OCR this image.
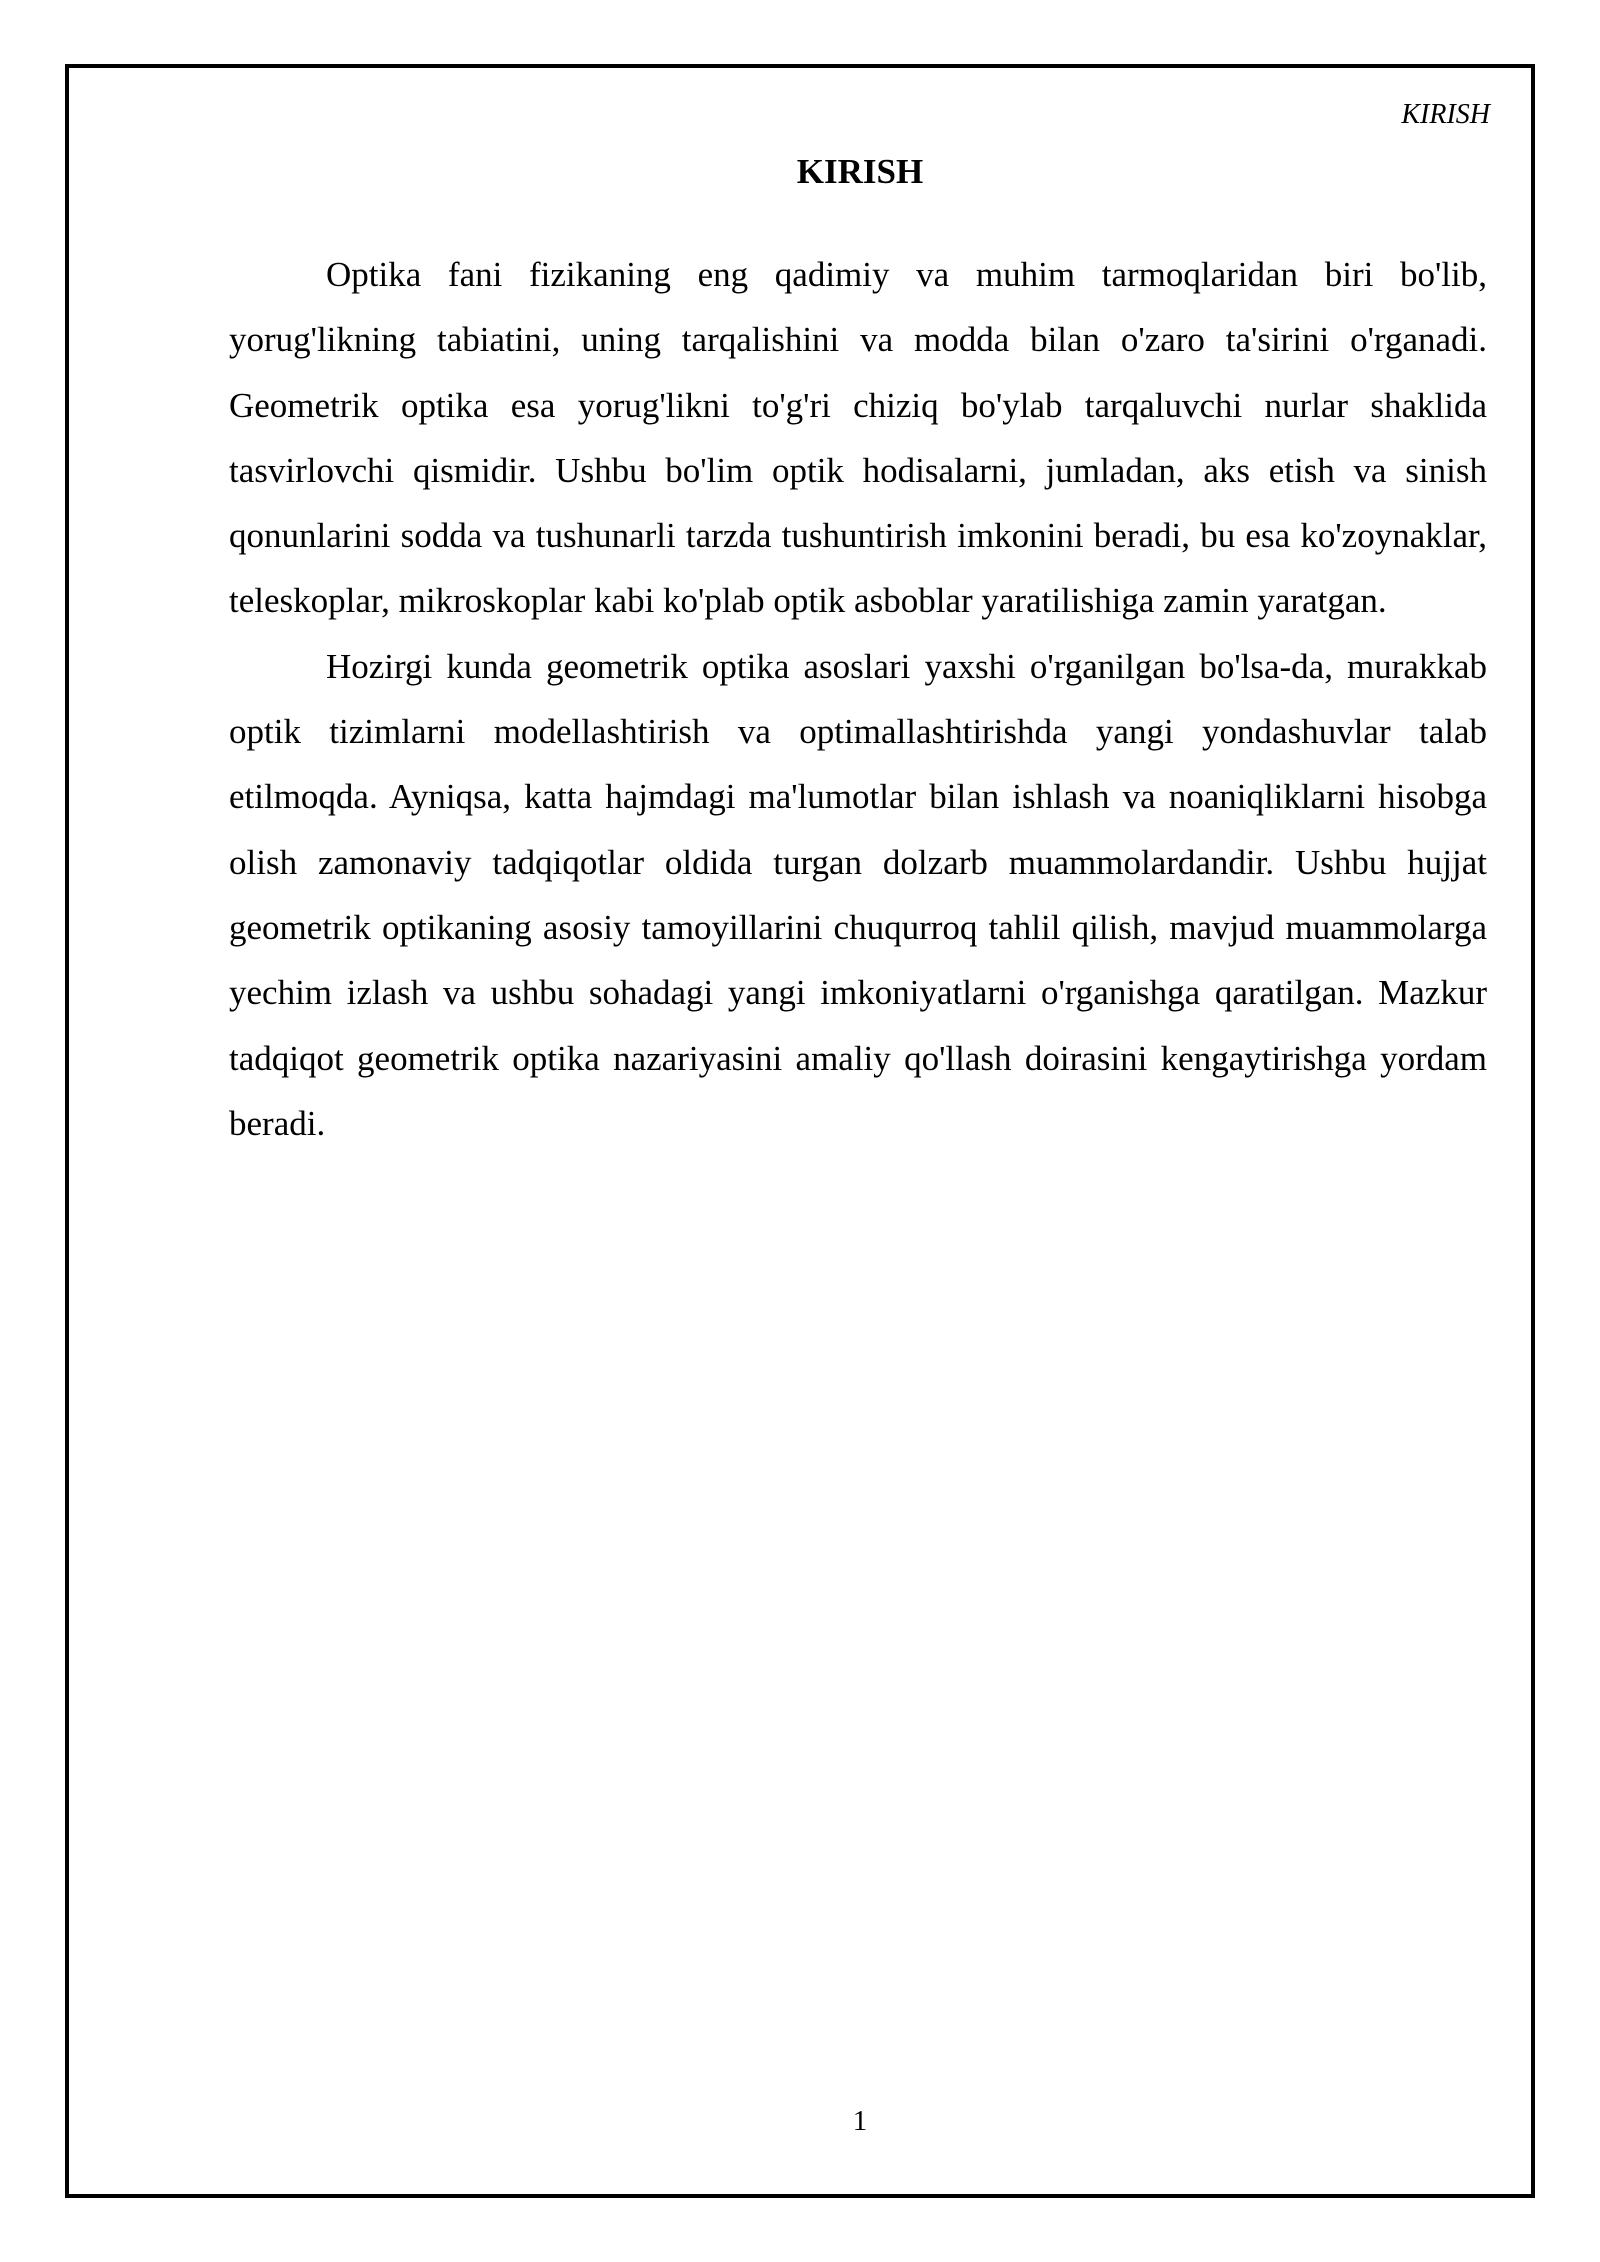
KIRISH
KIRISH

Optika fani fizikaning eng qadimiy va muhim tarmoqlaridan biri bo'lib, yorug'likning tabiatini, uning tarqalishini va modda bilan o'zaro ta'sirini o'rganadi. Geometrik optika esa yorug'likni to'g'ri chiziq bo'ylab tarqaluvchi nurlar shaklida tasvirlovchi qismidir. Ushbu bo'lim optik hodisalarni, jumladan, aks etish va sinish qonunlarini sodda va tushunarli tarzda tushuntirish imkonini beradi, bu esa ko'zoynaklar, teleskoplar, mikroskoplar kabi ko'plab optik asboblar yaratilishiga zamin yaratgan.

Hozirgi kunda geometrik optika asoslari yaxshi o'rganilgan bo'lsa-da, murakkab optik tizimlarni modellashtirish va optimallashtirishda yangi yondashuvlar talab etilmoqda. Ayniqsa, katta hajmdagi ma'lumotlar bilan ishlash va noaniqliklarni hisobga olish zamonaviy tadqiqotlar oldida turgan dolzarb muammolardandir. Ushbu hujjat geometrik optikaning asosiy tamoyillarini chuqurroq tahlil qilish, mavjud muammolarga yechim izlash va ushbu sohadagi yangi imkoniyatlarni o'rganishga qaratilgan. Mazkur tadqiqot geometrik optika nazariyasini amaliy qo'llash doirasini kengaytirishga yordam beradi.

1
